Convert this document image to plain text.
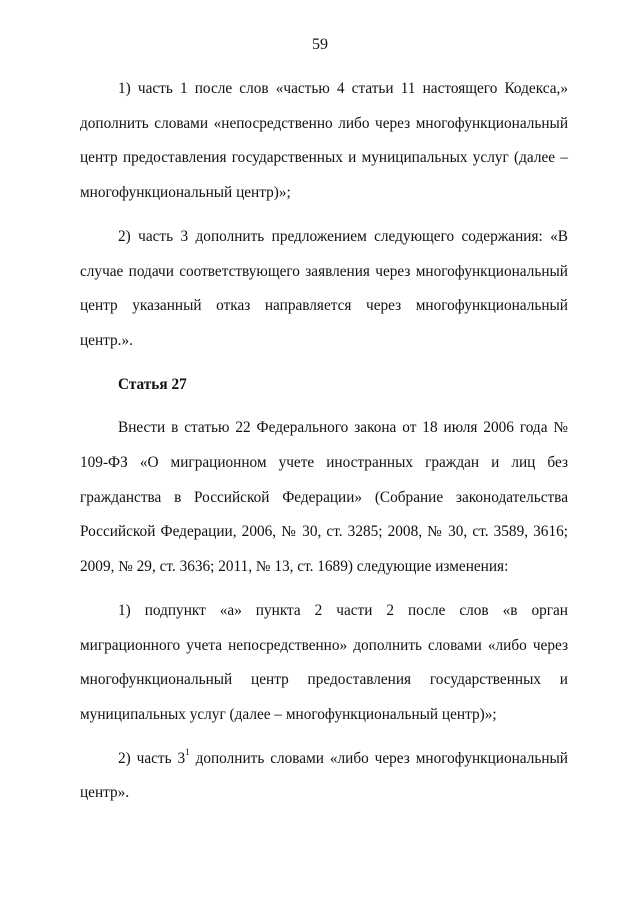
59

1) часть 1 после слов «частью 4 статьи 11 настоящего Кодекса,» дополнить словами «непосредственно либо через многофункциональный центр предоставления государственных и муниципальных услуг (далее – многофункциональный центр)»;

2) часть 3 дополнить предложением следующего содержания: «В случае подачи соответствующего заявления через многофункциональный центр указанный отказ направляется через многофункциональный центр.».

Статья 27

Внести в статью 22 Федерального закона от 18 июля 2006 года № 109-ФЗ «О миграционном учете иностранных граждан и лиц без гражданства в Российской Федерации» (Собрание законодательства Российской Федерации, 2006, № 30, ст. 3285; 2008, № 30, ст. 3589, 3616; 2009, № 29, ст. 3636; 2011, № 13, ст. 1689) следующие изменения:

1) подпункт «а» пункта 2 части 2 после слов «в орган миграционного учета непосредственно» дополнить словами «либо через многофункциональный центр предоставления государственных и муниципальных услуг (далее – многофункциональный центр)»;

2) часть $3^1$ дополнить словами «либо через многофункциональный центр».
